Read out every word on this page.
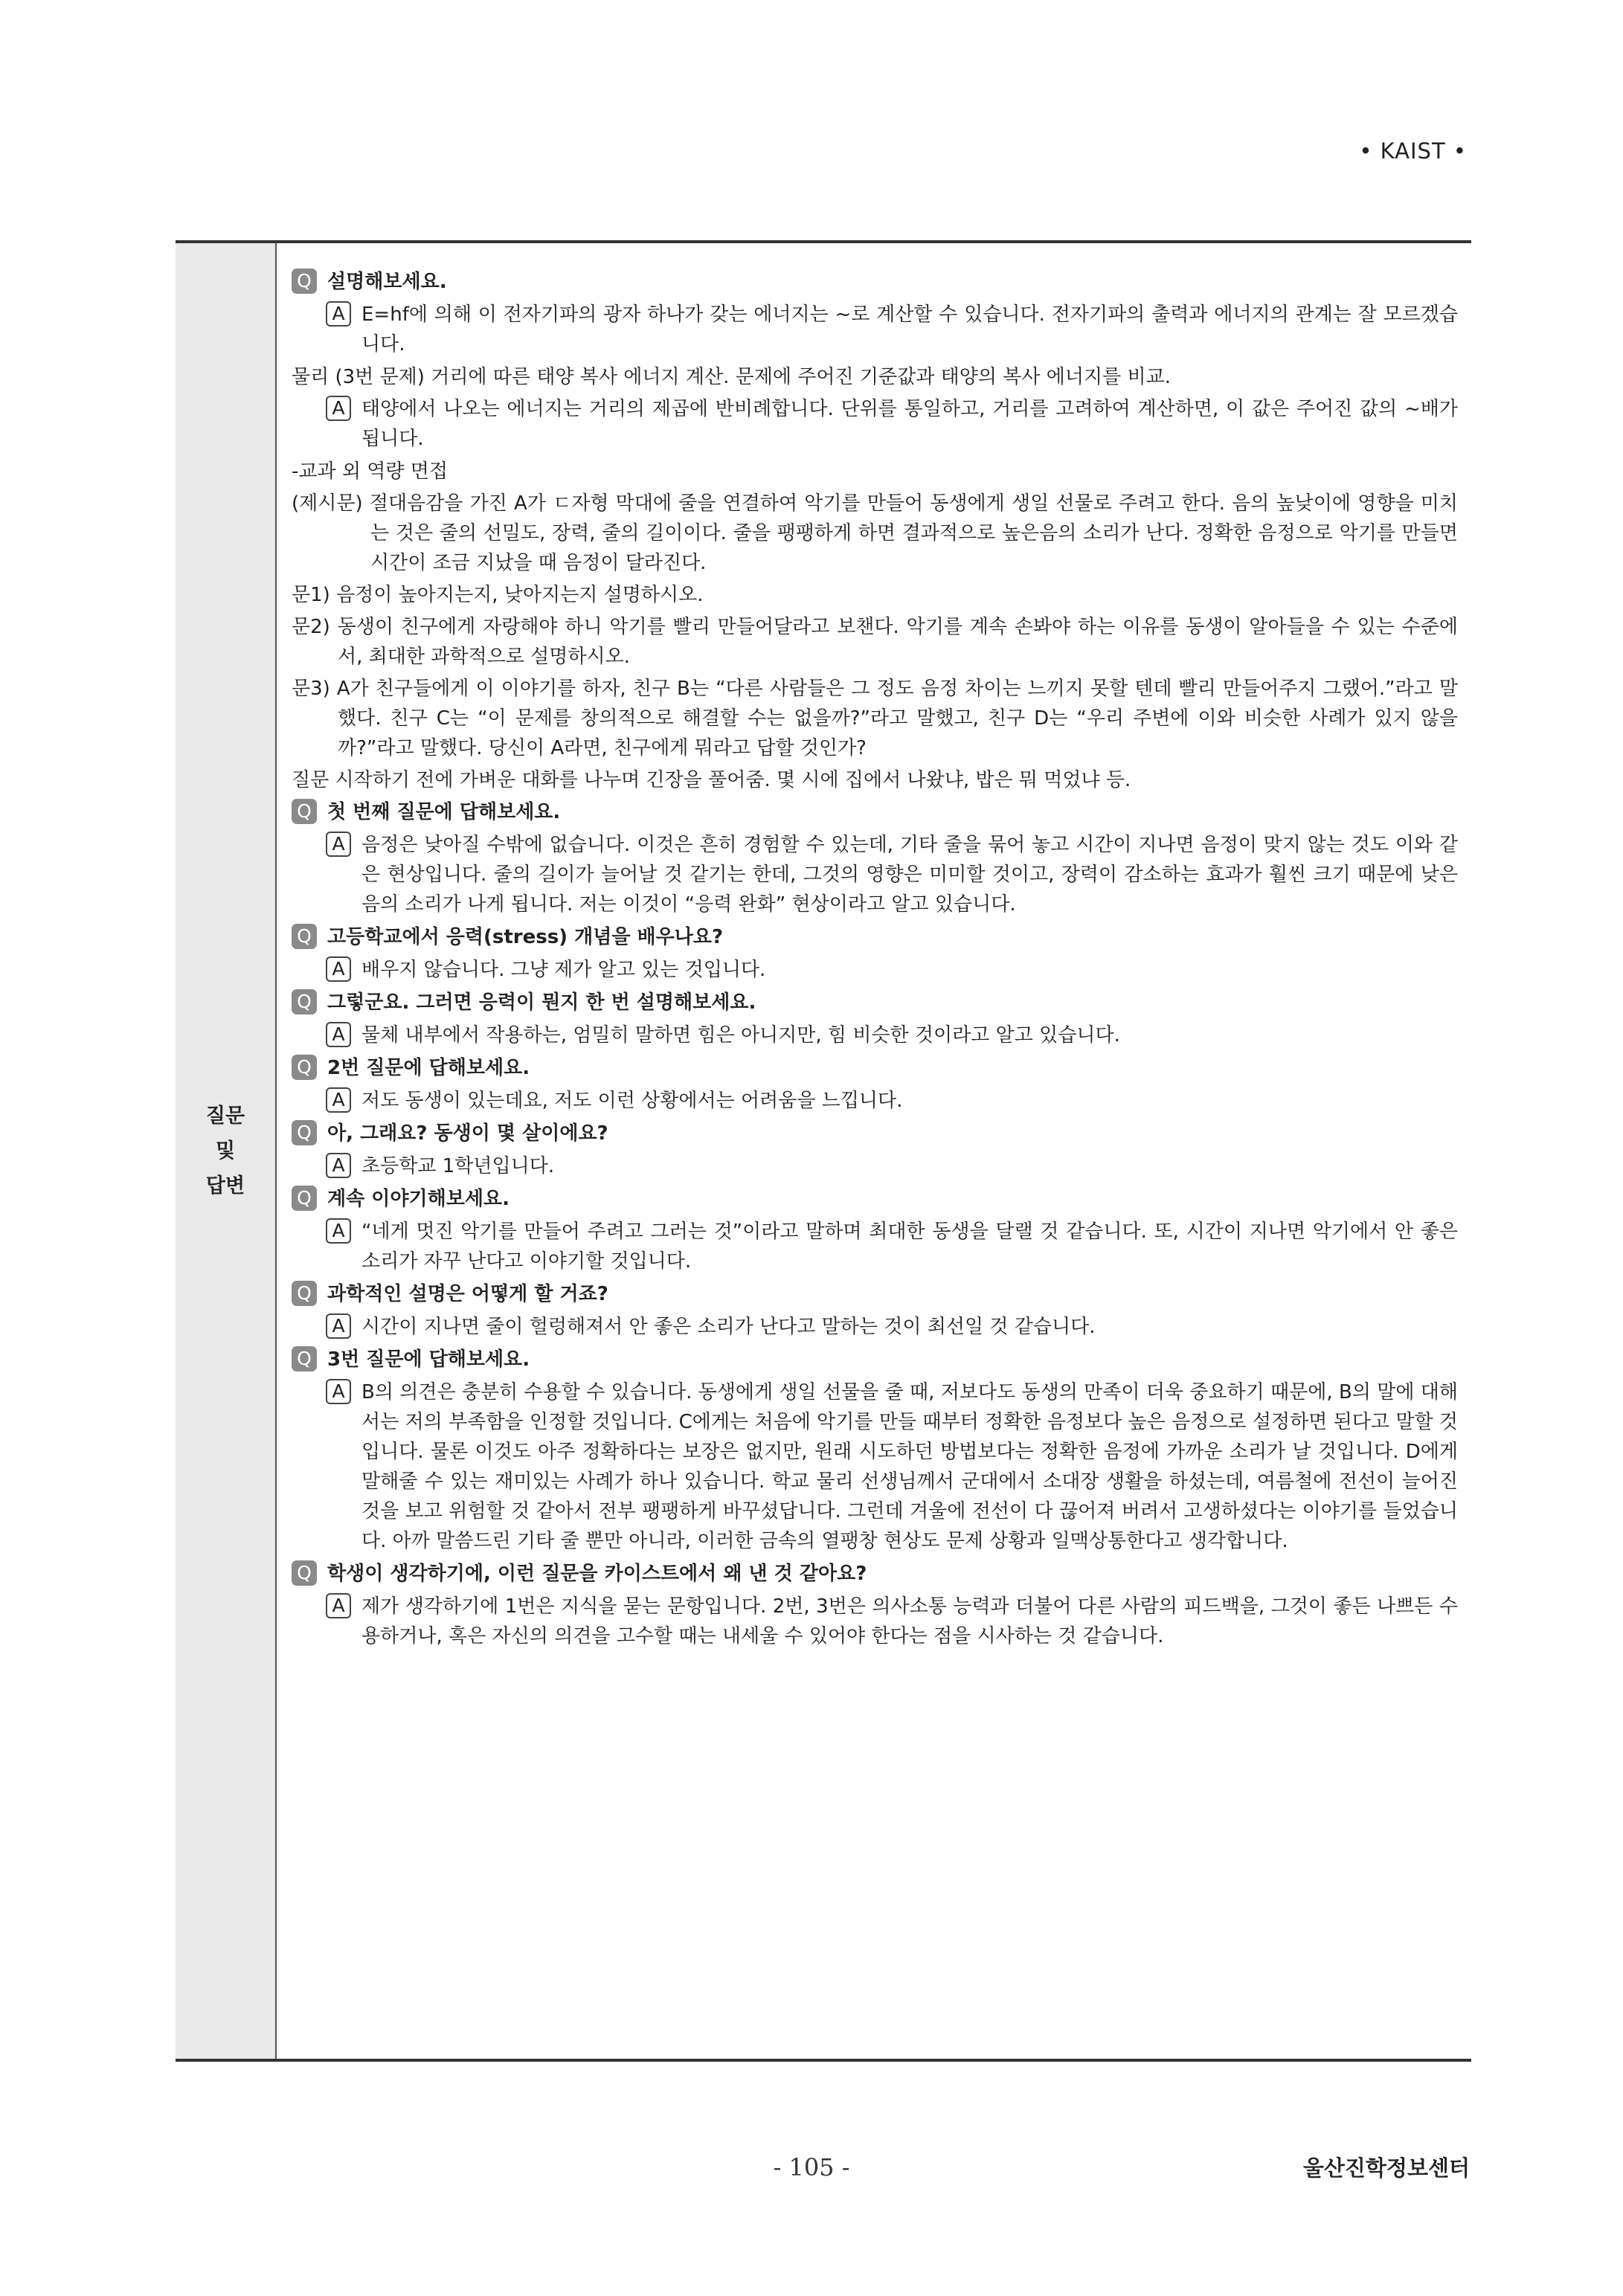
• KAIST •
질문
및
답변
Q 설명해보세요.
A E=hf에 의해 이 전자기파의 광자 하나가 갖는 에너지는 ~로 계산할 수 있습니다. 전자기파의 출력과 에너지의 관계는 잘 모르겠습니다.
물리 (3번 문제) 거리에 따른 태양 복사 에너지 계산. 문제에 주어진 기준값과 태양의 복사 에너지를 비교.
A 태양에서 나오는 에너지는 거리의 제곱에 반비례합니다. 단위를 통일하고, 거리를 고려하여 계산하면, 이 값은 주어진 값의 ~배가 됩니다.
-교과 외 역량 면접
(제시문) 절대음감을 가진 A가 ㄷ자형 막대에 줄을 연결하여 악기를 만들어 동생에게 생일 선물로 주려고 한다. 음의 높낮이에 영향을 미치는 것은 줄의 선밀도, 장력, 줄의 길이이다. 줄을 팽팽하게 하면 결과적으로 높은음의 소리가 난다. 정확한 음정으로 악기를 만들면 시간이 조금 지났을 때 음정이 달라진다.
문1) 음정이 높아지는지, 낮아지는지 설명하시오.
문2) 동생이 친구에게 자랑해야 하니 악기를 빨리 만들어달라고 보챈다. 악기를 계속 손봐야 하는 이유를 동생이 알아들을 수 있는 수준에서, 최대한 과학적으로 설명하시오.
문3) A가 친구들에게 이 이야기를 하자, 친구 B는 “다른 사람들은 그 정도 음정 차이는 느끼지 못할 텐데 빨리 만들어주지 그랬어.”라고 말했다. 친구 C는 “이 문제를 창의적으로 해결할 수는 없을까?”라고 말했고, 친구 D는 “우리 주변에 이와 비슷한 사례가 있지 않을까?”라고 말했다. 당신이 A라면, 친구에게 뭐라고 답할 것인가?
질문 시작하기 전에 가벼운 대화를 나누며 긴장을 풀어줌. 몇 시에 집에서 나왔냐, 밥은 뭐 먹었냐 등.
Q 첫 번째 질문에 답해보세요.
A 음정은 낮아질 수밖에 없습니다. 이것은 흔히 경험할 수 있는데, 기타 줄을 묶어 놓고 시간이 지나면 음정이 맞지 않는 것도 이와 같은 현상입니다. 줄의 길이가 늘어날 것 같기는 한데, 그것의 영향은 미미할 것이고, 장력이 감소하는 효과가 훨씬 크기 때문에 낮은음의 소리가 나게 됩니다. 저는 이것이 “응력 완화” 현상이라고 알고 있습니다.
Q 고등학교에서 응력(stress) 개념을 배우나요?
A 배우지 않습니다. 그냥 제가 알고 있는 것입니다.
Q 그렇군요. 그러면 응력이 뭔지 한 번 설명해보세요.
A 물체 내부에서 작용하는, 엄밀히 말하면 힘은 아니지만, 힘 비슷한 것이라고 알고 있습니다.
Q 2번 질문에 답해보세요.
A 저도 동생이 있는데요, 저도 이런 상황에서는 어려움을 느낍니다.
Q 아, 그래요? 동생이 몇 살이에요?
A 초등학교 1학년입니다.
Q 계속 이야기해보세요.
A “네게 멋진 악기를 만들어 주려고 그러는 것”이라고 말하며 최대한 동생을 달랠 것 같습니다. 또, 시간이 지나면 악기에서 안 좋은 소리가 자꾸 난다고 이야기할 것입니다.
Q 과학적인 설명은 어떻게 할 거죠?
A 시간이 지나면 줄이 헐렁해져서 안 좋은 소리가 난다고 말하는 것이 최선일 것 같습니다.
Q 3번 질문에 답해보세요.
A B의 의견은 충분히 수용할 수 있습니다. 동생에게 생일 선물을 줄 때, 저보다도 동생의 만족이 더욱 중요하기 때문에, B의 말에 대해서는 저의 부족함을 인정할 것입니다. C에게는 처음에 악기를 만들 때부터 정확한 음정보다 높은 음정으로 설정하면 된다고 말할 것입니다. 물론 이것도 아주 정확하다는 보장은 없지만, 원래 시도하던 방법보다는 정확한 음정에 가까운 소리가 날 것입니다. D에게 말해줄 수 있는 재미있는 사례가 하나 있습니다. 학교 물리 선생님께서 군대에서 소대장 생활을 하셨는데, 여름철에 전선이 늘어진 것을 보고 위험할 것 같아서 전부 팽팽하게 바꾸셨답니다. 그런데 겨울에 전선이 다 끊어져 버려서 고생하셨다는 이야기를 들었습니다. 아까 말씀드린 기타 줄 뿐만 아니라, 이러한 금속의 열팽창 현상도 문제 상황과 일맥상통한다고 생각합니다.
Q 학생이 생각하기에, 이런 질문을 카이스트에서 왜 낸 것 같아요?
A 제가 생각하기에 1번은 지식을 묻는 문항입니다. 2번, 3번은 의사소통 능력과 더불어 다른 사람의 피드백을, 그것이 좋든 나쁘든 수용하거나, 혹은 자신의 의견을 고수할 때는 내세울 수 있어야 한다는 점을 시사하는 것 같습니다.
- 105 -	울산진학정보센터
